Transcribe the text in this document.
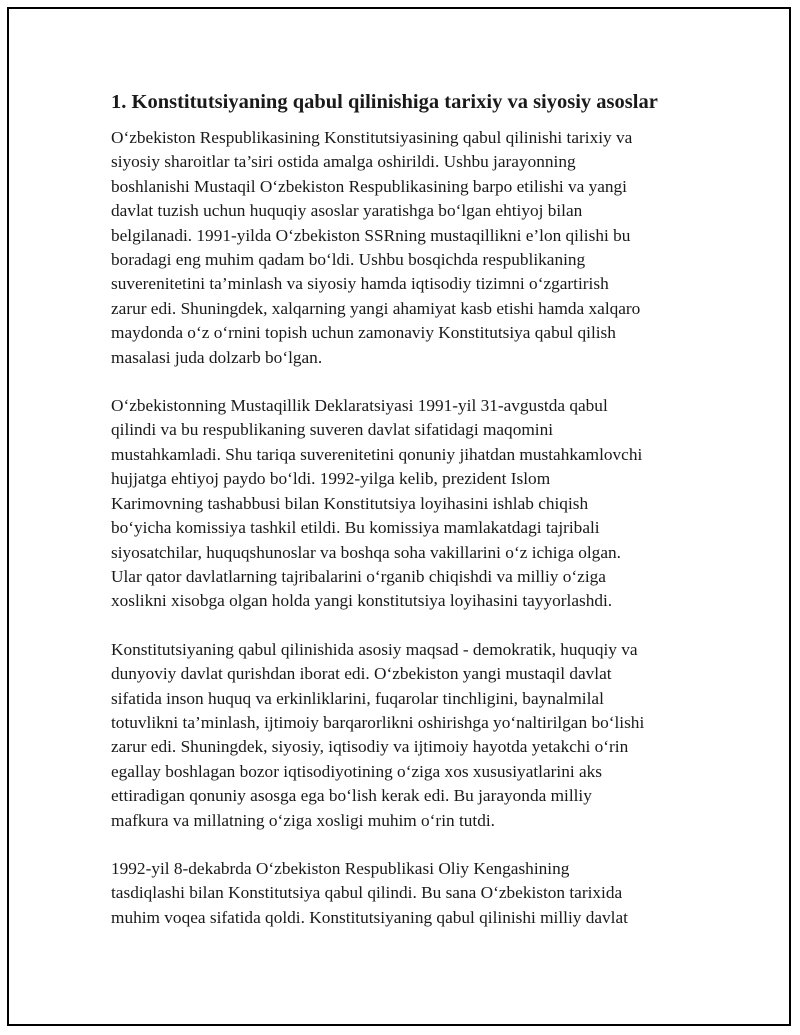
1. Konstitutsiyaning qabul qilinishiga tarixiy va siyosiy asoslar
O‘zbekiston Respublikasining Konstitutsiyasining qabul qilinishi tarixiy va
siyosiy sharoitlar ta’siri ostida amalga oshirildi. Ushbu jarayonning
boshlanishi Mustaqil O‘zbekiston Respublikasining barpo etilishi va yangi
davlat tuzish uchun huquqiy asoslar yaratishga bo‘lgan ehtiyoj bilan
belgilanadi. 1991-yilda O‘zbekiston SSRning mustaqillikni e’lon qilishi bu
boradagi eng muhim qadam bo‘ldi. Ushbu bosqichda respublikaning
suverenitetini ta’minlash va siyosiy hamda iqtisodiy tizimni o‘zgartirish
zarur edi. Shuningdek, xalqarning yangi ahamiyat kasb etishi hamda xalqaro
maydonda o‘z o‘rnini topish uchun zamonaviy Konstitutsiya qabul qilish
masalasi juda dolzarb bo‘lgan.
O‘zbekistonning Mustaqillik Deklaratsiyasi 1991-yil 31-avgustda qabul
qilindi va bu respublikaning suveren davlat sifatidagi maqomini
mustahkamladi. Shu tariqa suverenitetini qonuniy jihatdan mustahkamlovchi
hujjatga ehtiyoj paydo bo‘ldi. 1992-yilga kelib, prezident Islom
Karimovning tashabbusi bilan Konstitutsiya loyihasini ishlab chiqish
bo‘yicha komissiya tashkil etildi. Bu komissiya mamlakatdagi tajribali
siyosatchilar, huquqshunoslar va boshqa soha vakillarini o‘z ichiga olgan.
Ular qator davlatlarning tajribalarini o‘rganib chiqishdi va milliy o‘ziga
xoslikni xisobga olgan holda yangi konstitutsiya loyihasini tayyorlashdi.
Konstitutsiyaning qabul qilinishida asosiy maqsad - demokratik, huquqiy va
dunyoviy davlat qurishdan iborat edi. O‘zbekiston yangi mustaqil davlat
sifatida inson huquq va erkinliklarini, fuqarolar tinchligini, baynalmilal
totuvlikni ta’minlash, ijtimoiy barqarorlikni oshirishga yo‘naltirilgan bo‘lishi
zarur edi. Shuningdek, siyosiy, iqtisodiy va ijtimoiy hayotda yetakchi o‘rin
egallay boshlagan bozor iqtisodiyotining o‘ziga xos xususiyatlarini aks
ettiradigan qonuniy asosga ega bo‘lish kerak edi. Bu jarayonda milliy
mafkura va millatning o‘ziga xosligi muhim o‘rin tutdi.
1992-yil 8-dekabrda O‘zbekiston Respublikasi Oliy Kengashining
tasdiqlashi bilan Konstitutsiya qabul qilindi. Bu sana O‘zbekiston tarixida
muhim voqea sifatida qoldi. Konstitutsiyaning qabul qilinishi milliy davlat
